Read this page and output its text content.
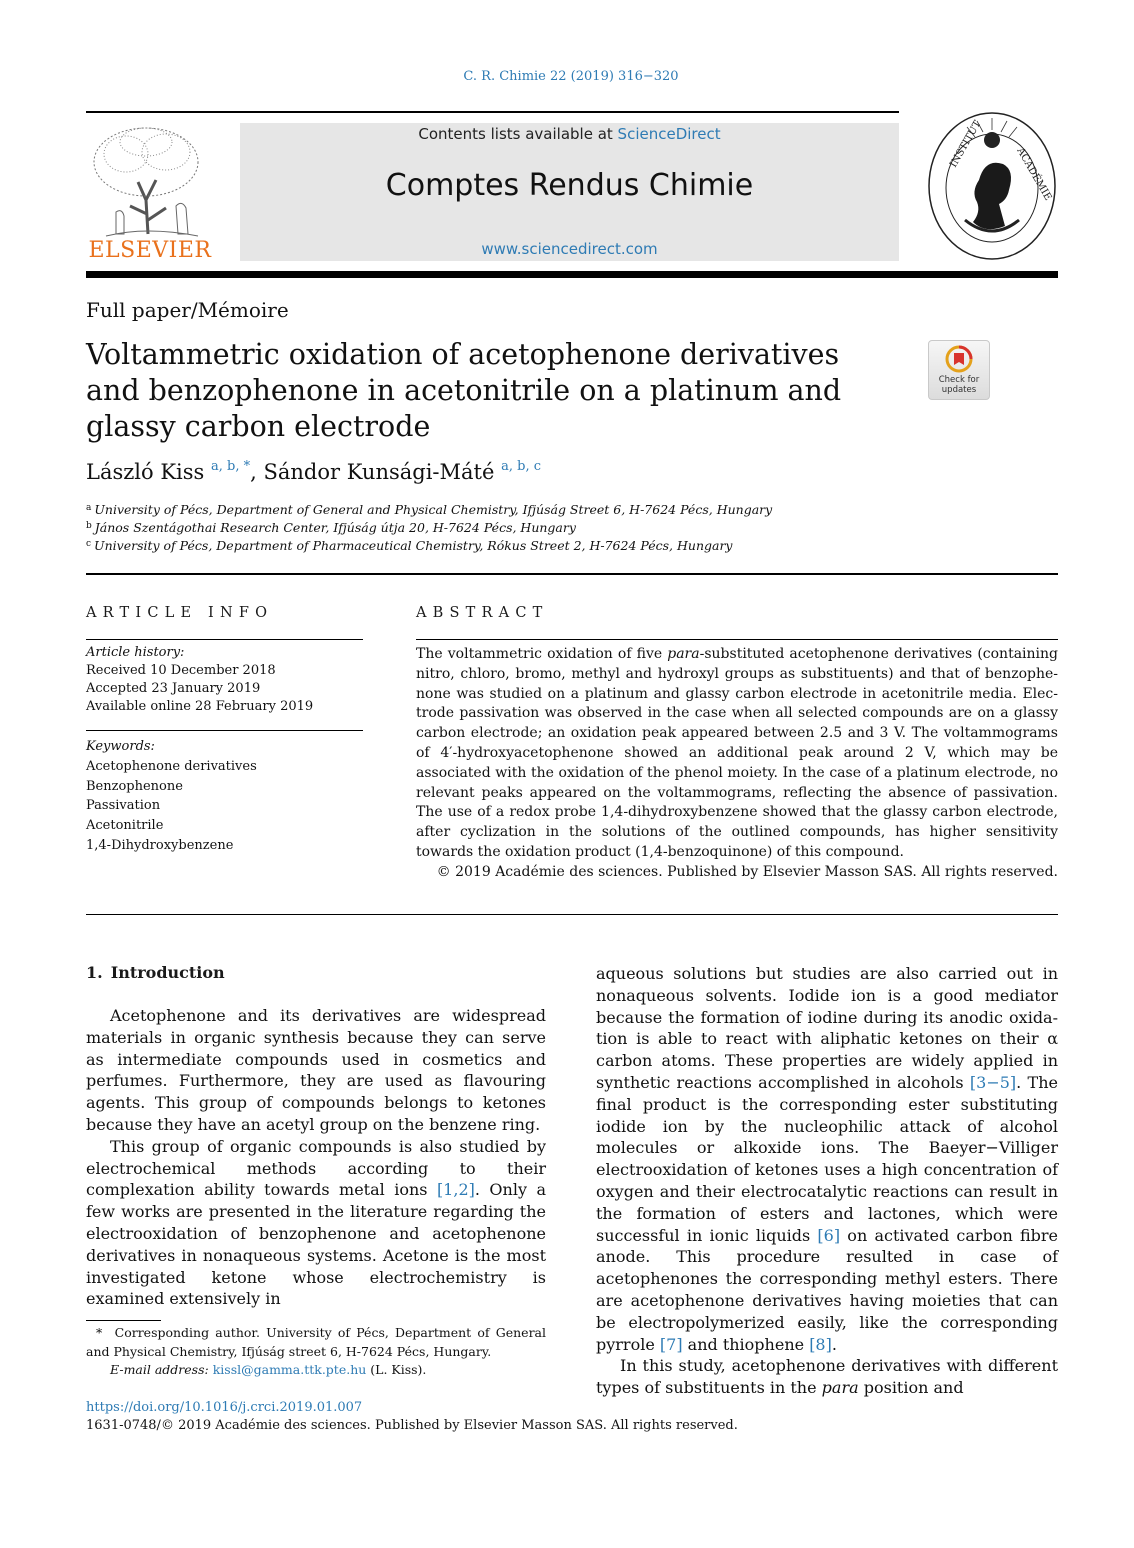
C. R. Chimie 22 (2019) 316−320
ELSEVIER
Contents lists available at ScienceDirect
Comptes Rendus Chimie
www.sciencedirect.com
INSTITUT
ACADÉMIE
Full paper/Mémoire
Voltammetric oxidation of acetophenone derivatives and benzophenone in acetonitrile on a platinum and glassy carbon electrode
Check for updates
László Kiss $^{a, b, *}$, Sándor Kunsági-Máté $^{a, b, c}$
$^a$ University of Pécs, Department of General and Physical Chemistry, Ifjúság Street 6, H-7624 Pécs, Hungary
$^b$ János Szentágothai Research Center, Ifjúság útja 20, H-7624 Pécs, Hungary
$^c$ University of Pécs, Department of Pharmaceutical Chemistry, Rókus Street 2, H-7624 Pécs, Hungary
ARTICLE INFO	ABSTRACT
Article history:
Received 10 December 2018
Accepted 23 January 2019
Available online 28 February 2019
Keywords:
Acetophenone derivatives
Benzophenone
Passivation
Acetonitrile
1,4-Dihydroxybenzene
The voltammetric oxidation of five para-substituted acetophenone derivatives (containing nitro, chloro, bromo, methyl and hydroxyl groups as substituents) and that of benzophenone was studied on a platinum and glassy carbon electrode in acetonitrile media. Electrode passivation was observed in the case when all selected compounds are on a glassy carbon electrode; an oxidation peak appeared between 2.5 and 3 V. The voltammograms of 4′-hydroxyacetophenone showed an additional peak around 2 V, which may be associated with the oxidation of the phenol moiety. In the case of a platinum electrode, no relevant peaks appeared on the voltammograms, reflecting the absence of passivation. The use of a redox probe 1,4-dihydroxybenzene showed that the glassy carbon electrode, after cyclization in the solutions of the outlined compounds, has higher sensitivity towards the oxidation product (1,4-benzoquinone) of this compound.
© 2019 Académie des sciences. Published by Elsevier Masson SAS. All rights reserved.
1. Introduction

Acetophenone and its derivatives are widespread materials in organic synthesis because they can serve as intermediate compounds used in cosmetics and perfumes. Furthermore, they are used as flavouring agents. This group of compounds belongs to ketones because they have an acetyl group on the benzene ring.

This group of organic compounds is also studied by electrochemical methods according to their complexation ability towards metal ions [1,2]. Only a few works are presented in the literature regarding the electrooxidation of benzophenone and acetophenone derivatives in nonaqueous systems. Acetone is the most investigated ketone whose electrochemistry is examined extensively in

aqueous solutions but studies are also carried out in nonaqueous solvents. Iodide ion is a good mediator because the formation of iodine during its anodic oxidation is able to react with aliphatic ketones on their α carbon atoms. These properties are widely applied in synthetic reactions accomplished in alcohols [3−5]. The final product is the corresponding ester substituting iodide ion by the nucleophilic attack of alcohol molecules or alkoxide ions. The Baeyer−Villiger electrooxidation of ketones uses a high concentration of oxygen and their electrocatalytic reactions can result in the formation of esters and lactones, which were successful in ionic liquids [6] on activated carbon fibre anode. This procedure resulted in case of acetophenones the corresponding methyl esters. There are acetophenone derivatives having moieties that can be electropolymerized easily, like the corresponding pyrrole [7] and thiophene [8].

In this study, acetophenone derivatives with different types of substituents in the para position and

* Corresponding author. University of Pécs, Department of General and Physical Chemistry, Ifjúság street 6, H-7624 Pécs, Hungary.
E-mail address: kissl@gamma.ttk.pte.hu (L. Kiss).
https://doi.org/10.1016/j.crci.2019.01.007
1631-0748/© 2019 Académie des sciences. Published by Elsevier Masson SAS. All rights reserved.
